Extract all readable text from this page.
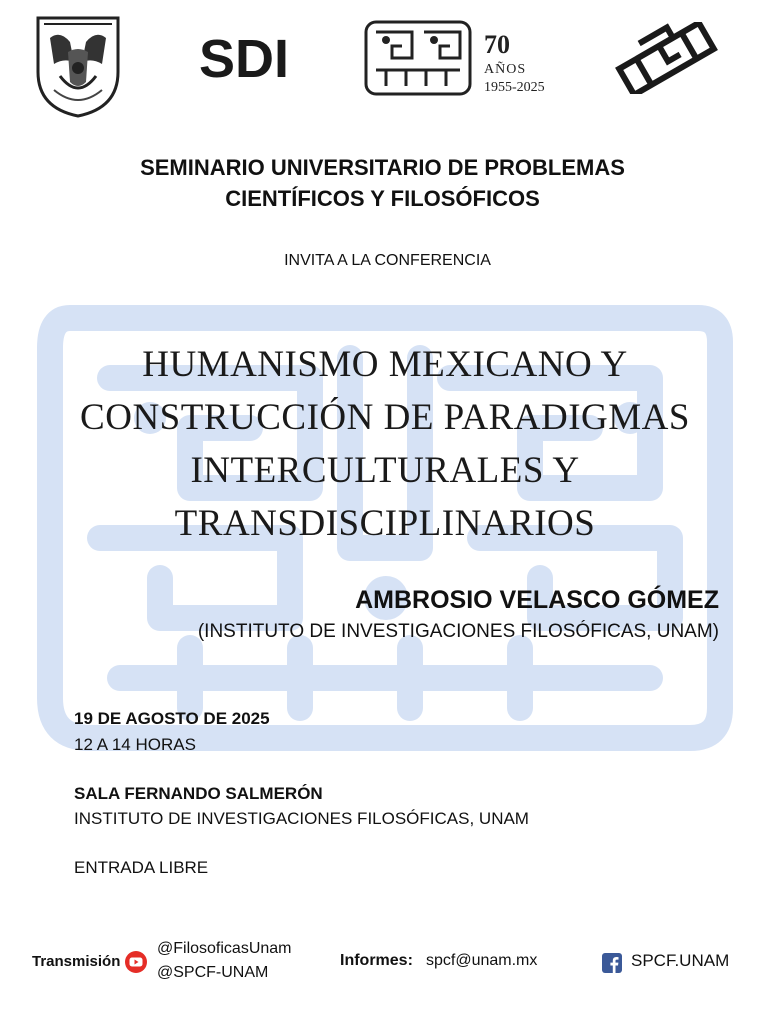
SDI	70
AÑOS
1955-2025
SEMINARIO UNIVERSITARIO DE PROBLEMAS
CIENTÍFICOS Y FILOSÓFICOS
INVITA A LA CONFERENCIA
HUMANISMO MEXICANO Y
CONSTRUCCIÓN DE PARADIGMAS
INTERCULTURALES Y
TRANSDISCIPLINARIOS
AMBROSIO VELASCO GÓMEZ
(INSTITUTO DE INVESTIGACIONES FILOSÓFICAS, UNAM)
19 DE AGOSTO DE 2025
12 A 14 HORAS
SALA FERNANDO SALMERÓN
INSTITUTO DE INVESTIGACIONES FILOSÓFICAS, UNAM
ENTRADA LIBRE
Transmisión
@FilosoficasUnam
@SPCF-UNAM
Informes: spcf@unam.mx	SPCF.UNAM
